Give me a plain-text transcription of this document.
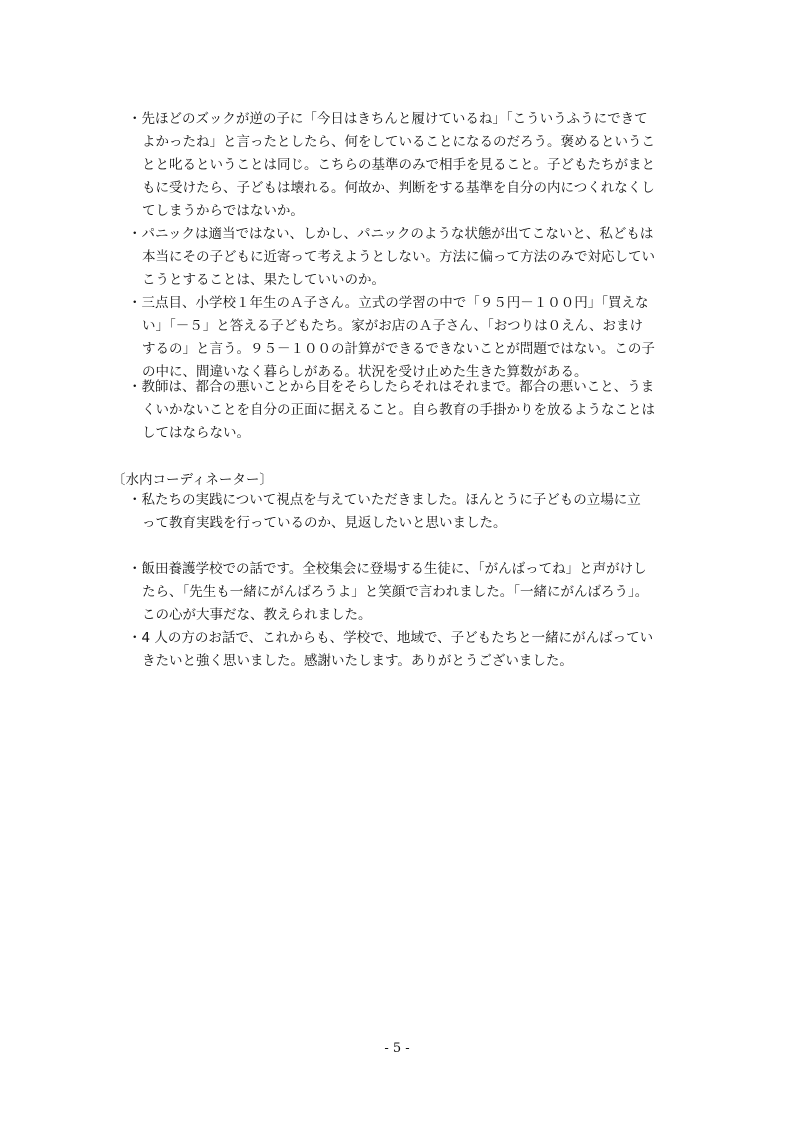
・先ほどのズックが逆の子に「今日はきちんと履けているね」「こういうふうにできて
よかったね」と言ったとしたら、何をしていることになるのだろう。褒めるというこ
とと叱るということは同じ。こちらの基準のみで相手を見ること。子どもたちがまと
もに受けたら、子どもは壊れる。何故か、判断をする基準を自分の内につくれなくし
てしまうからではないか。
・パニックは適当ではない、しかし、パニックのような状態が出てこないと、私どもは
本当にその子どもに近寄って考えようとしない。方法に偏って方法のみで対応してい
こうとすることは、果たしていいのか。
・三点目、小学校１年生のＡ子さん。立式の学習の中で「９５円－１００円」「買えな
い」「－５」と答える子どもたち。家がお店のＡ子さん、「おつりは０えん、おまけ
するの」と言う。９５－１００の計算ができるできないことが問題ではない。この子
の中に、間違いなく暮らしがある。状況を受け止めた生きた算数がある。
・教師は、都合の悪いことから目をそらしたらそれはそれまで。都合の悪いこと、うま
くいかないことを自分の正面に据えること。自ら教育の手掛かりを放るようなことは
してはならない。
〔水内コーディネーター〕
・私たちの実践について視点を与えていただきました。ほんとうに子どもの立場に立
って教育実践を行っているのか、見返したいと思いました。
・飯田養護学校での話です。全校集会に登場する生徒に、「がんばってね」と声がけし
たら、「先生も一緒にがんばろうよ」と笑顔で言われました。「一緒にがんばろう」。
この心が大事だな、教えられました。
・4 人の方のお話で、これからも、学校で、地域で、子どもたちと一緒にがんばってい
きたいと強く思いました。感謝いたします。ありがとうございました。
- 5 -
